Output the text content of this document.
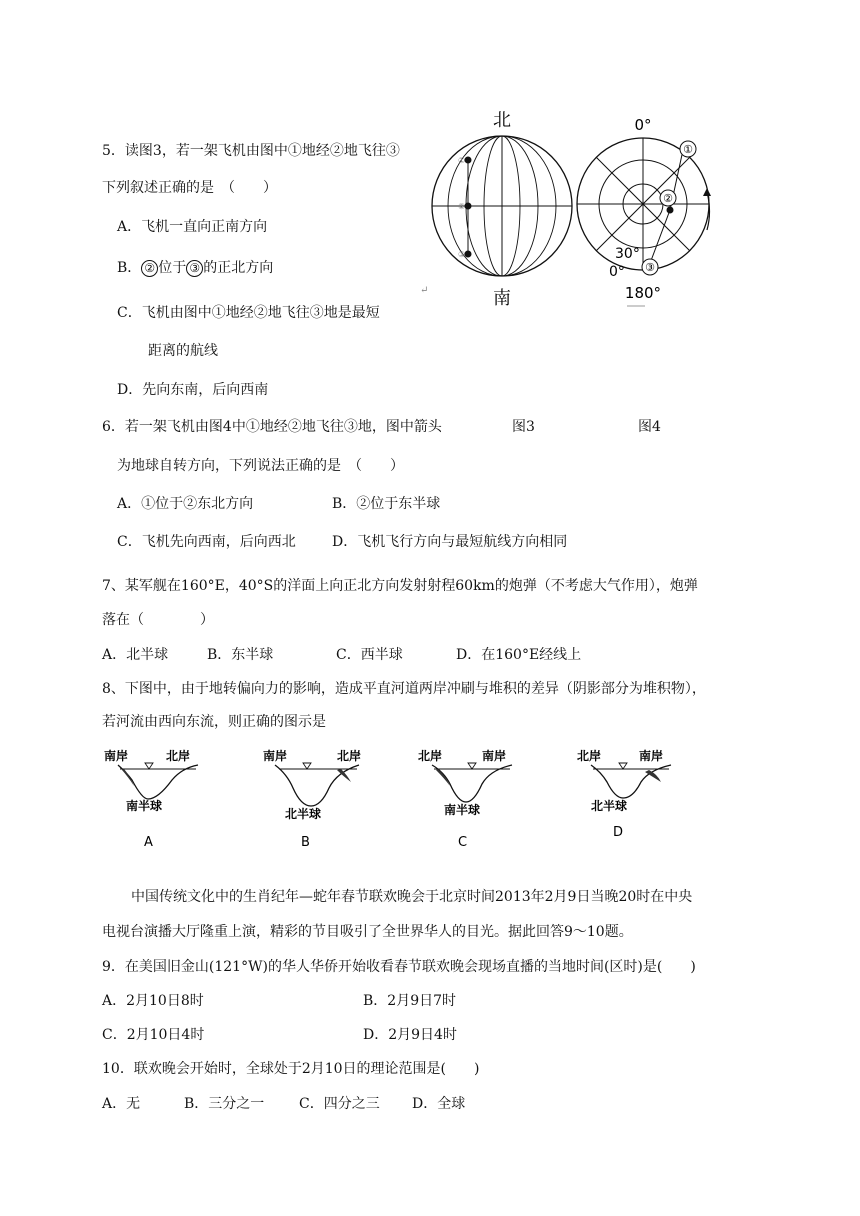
5．读图3，若一架飞机由图中①地经②地飞往③
下列叙述正确的是　（　　）
A．飞机一直向正南方向
B． ② 位于 ③ 的正北方向
C．飞机由图中①地经②地飞往③地是最短
距离的航线
D．先向东南，后向西南
北
①
②
③
南
↵
0°
①
②
③
30°
0°
180°
6．若一架飞机由图4中①地经②地飞往③地，图中箭头	图3	图4
为地球自转方向，下列说法正确的是　（　　）
A．①位于②东北方向	B．②位于东半球
C．飞机先向西南，后向西北	D．飞机飞行方向与最短航线方向相同
7、某军舰在160°E，40°S的洋面上向正北方向发射射程60km的炮弹（不考虑大气作用），炮弹
落在（　　　　）
A．北半球	B．东半球	C．西半球	D．在160°E经线上
8、下图中，由于地转偏向力的影响，造成平直河道两岸冲刷与堆积的差异（阴影部分为堆积物），
若河流由西向东流，则正确的图示是
南岸	北岸
南半球
A
南岸	北岸
北半球
B
北岸	南岸
南半球
C
北岸	南岸
北半球
D
中国传统文化中的生肖纪年—蛇年春节联欢晚会于北京时间2013年2月9日当晚20时在中央
电视台演播大厅隆重上演，精彩的节目吸引了全世界华人的目光。据此回答9～10题。
9．在美国旧金山(121°W)的华人华侨开始收看春节联欢晚会现场直播的当地时间(区时)是(　　)
A．2月10日8时	B．2月9日7时
C．2月10日4时	D．2月9日4时
10．联欢晚会开始时，全球处于2月10日的理论范围是(　　)
A．无	B．三分之一 C．四分之三 D．全球
